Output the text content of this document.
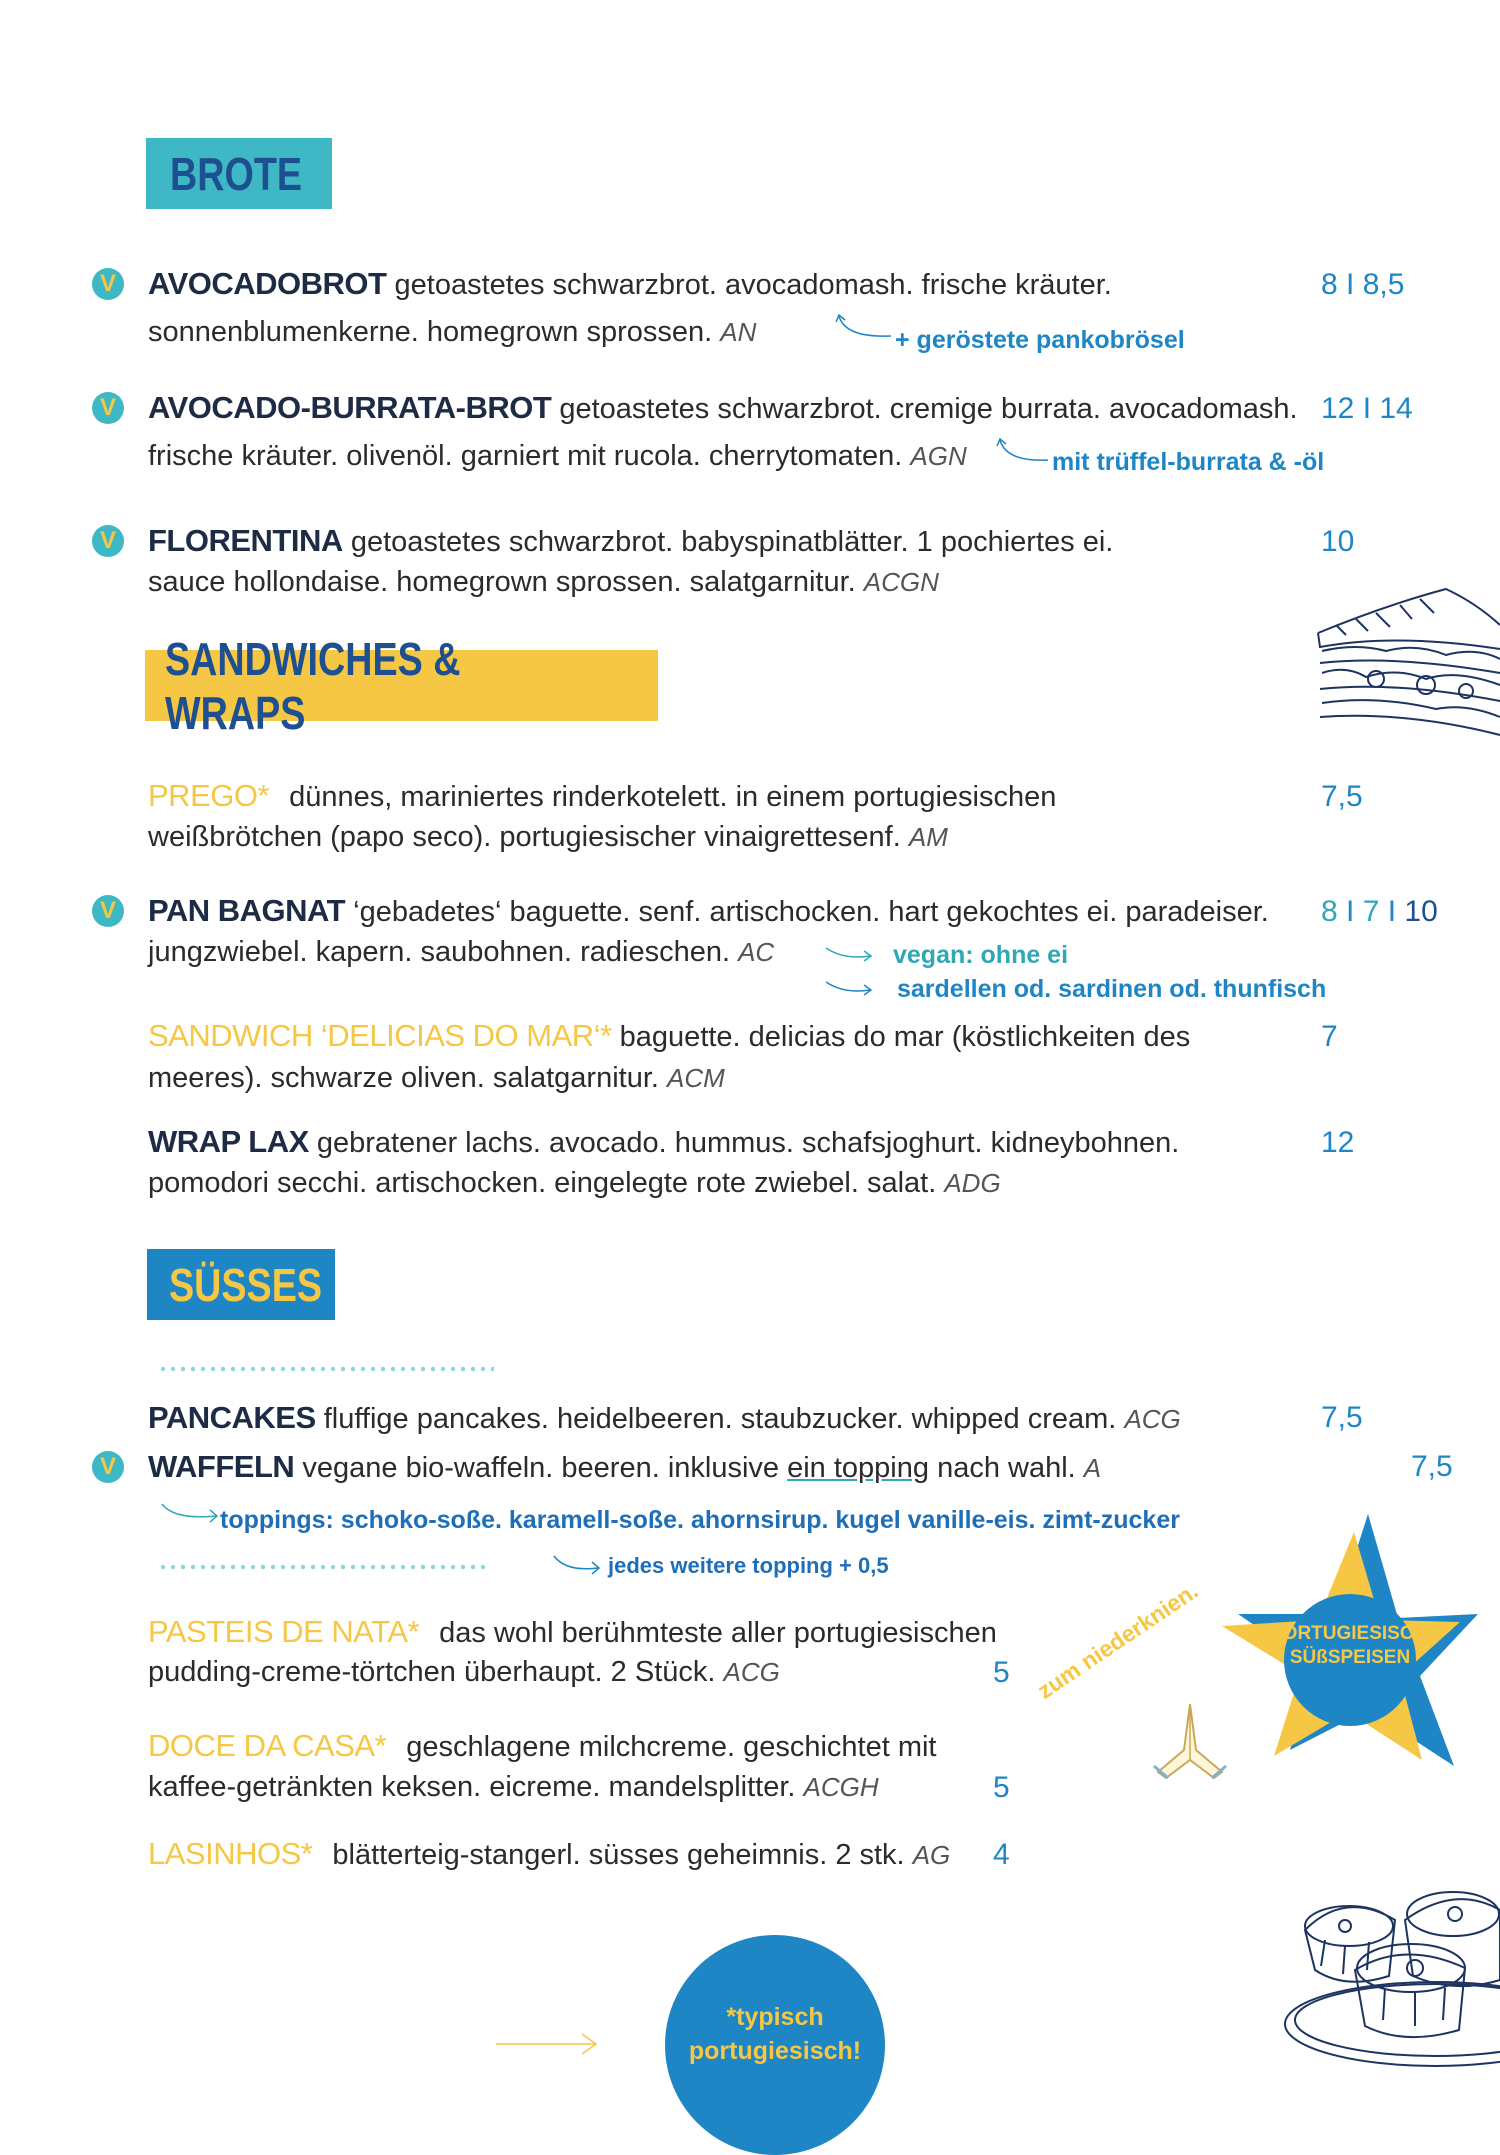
BROTE
V AVOCADOBROT getoastetes schwarzbrot. avocadomash. frische kräuter.
sonnenblumenkerne. homegrown sprossen. AN
8 I 8,5
+ geröstete pankobrösel
V AVOCADO-BURRATA-BROT getoastetes schwarzbrot. cremige burrata. avocadomash.
frische kräuter. olivenöl. garniert mit rucola. cherrytomaten. AGN
12 I 14
mit trüffel-burrata & -öl
V FLORENTINA getoastetes schwarzbrot. babyspinatblätter. 1 pochiertes ei.
sauce hollondaise. homegrown sprossen. salatgarnitur. ACGN
10
SANDWICHES & WRAPS
PREGO* dünnes, mariniertes rinderkotelett. in einem portugiesischen
weißbrötchen (papo seco). portugiesischer vinaigrettesenf. AM
7,5
V PAN BAGNAT ‘gebadetes‘ baguette. senf. artischocken. hart gekochtes ei. paradeiser.
jungzwiebel. kapern. saubohnen. radieschen. AC
8 I 7 I 10
vegan: ohne ei
sardellen od. sardinen od. thunfisch
SANDWICH ‘DELICIAS DO MAR‘* baguette. delicias do mar (köstlichkeiten des
meeres). schwarze oliven. salatgarnitur. ACM
7
WRAP LAX gebratener lachs. avocado. hummus. schafsjoghurt. kidneybohnen.
pomodori secchi. artischocken. eingelegte rote zwiebel. salat. ADG
12
SÜSSES
PANCAKES fluffige pancakes. heidelbeeren. staubzucker. whipped cream. ACG	7,5
V WAFFELN vegane bio-waffeln. beeren. inklusive ein topping nach wahl. A	7,5
toppings: schoko-soße. karamell-soße. ahornsirup. kugel vanille-eis. zimt-zucker
jedes weitere topping + 0,5
PASTEIS DE NATA* das wohl berühmteste aller portugiesischen
pudding-creme-törtchen überhaupt. 2 Stück. ACG	5
DOCE DA CASA* geschlagene milchcreme. geschichtet mit
kaffee-getränkten keksen. eicreme. mandelsplitter. ACGH	5
LASINHOS* blätterteig-stangerl. süsses geheimnis. 2 stk. AG 4
PORTUGIESISCHE
SÜßSPEISEN
zum niederknien.
*typisch
portugiesisch!
